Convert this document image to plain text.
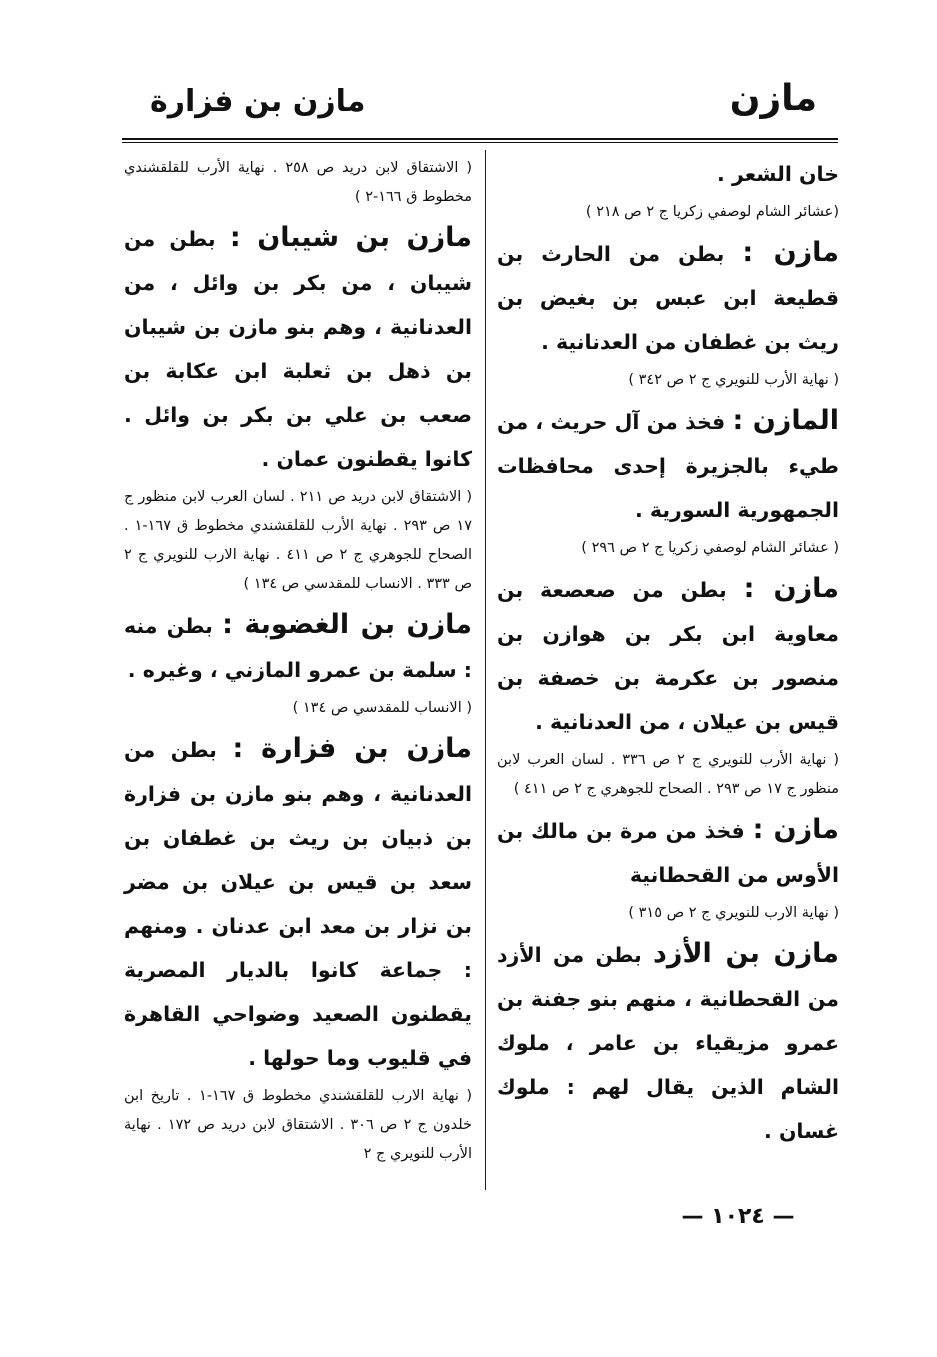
مازن
مازن بن فزارة
خان الشعر .
(عشائر الشام لوصفي زكريا ج ٢ ص ٢١٨ )
مازن : بطن من الحارث بن قطيعة ابن عبس بن بغيض بن ريث بن غطفان من العدنانية .
( نهاية الأرب للنويري ج ٢ ص ٣٤٢ )
المازن : فخذ من آل حريث ، من طيء بالجزيرة إحدى محافظات الجمهورية السورية .
( عشائر الشام لوصفي زكريا ج ٢ ص ٢٩٦ )
مازن : بطن من صعصعة بن معاوية ابن بكر بن هوازن بن منصور بن عكرمة بن خصفة بن قيس بن عيلان ، من العدنانية .
( نهاية الأرب للنويري ج ٢ ص ٣٣٦ . لسان العرب لابن منظور ج ١٧ ص ٢٩٣ . الصحاح للجوهري ج ٢ ص ٤١١ )
مازن : فخذ من مرة بن مالك بن الأوس من القحطانية
( نهاية الارب للنويري ج ٢ ص ٣١٥ )
مازن بن الأزد بطن من الأزد من القحطانية ، منهم بنو جفنة بن عمرو مزيقياء بن عامر ، ملوك الشام الذين يقال لهم : ملوك غسان .
( الاشتقاق لابن دريد ص ٢٥٨ . نهاية الأرب للقلقشندي مخطوط ق ١٦٦-٢ )
مازن بن شيبان : بطن من شيبان ، من بكر بن وائل ، من العدنانية ، وهم بنو مازن بن شيبان بن ذهل بن ثعلبة ابن عكابة بن صعب بن علي بن بكر بن وائل . كانوا يقطنون عمان .
( الاشتقاق لابن دريد ص ٢١١ . لسان العرب لابن منظور ج ١٧ ص ٢٩٣ . نهاية الأرب للقلقشندي مخطوط ق ١٦٧-١ . الصحاح للجوهري ج ٢ ص ٤١١ . نهاية الارب للنويري ج ٢ ص ٣٣٣ . الانساب للمقدسي ص ١٣٤ )
مازن بن الغضوبة : بطن منه : سلمة بن عمرو المازني ، وغيره .
( الانساب للمقدسي ص ١٣٤ )
مازن بن فزارة : بطن من العدنانية ، وهم بنو مازن بن فزارة بن ذبيان بن ريث بن غطفان بن سعد بن قيس بن عيلان بن مضر بن نزار بن معد ابن عدنان . ومنهم : جماعة كانوا بالديار المصرية يقطنون الصعيد وضواحي القاهرة في قليوب وما حولها .
( نهاية الارب للقلقشندي مخطوط ق ١٦٧-١ . تاريخ ابن خلدون ج ٢ ص ٣٠٦ . الاشتقاق لابن دريد ص ١٧٢ . نهاية الأرب للنويري ج ٢
— ١٠٢٤ —
